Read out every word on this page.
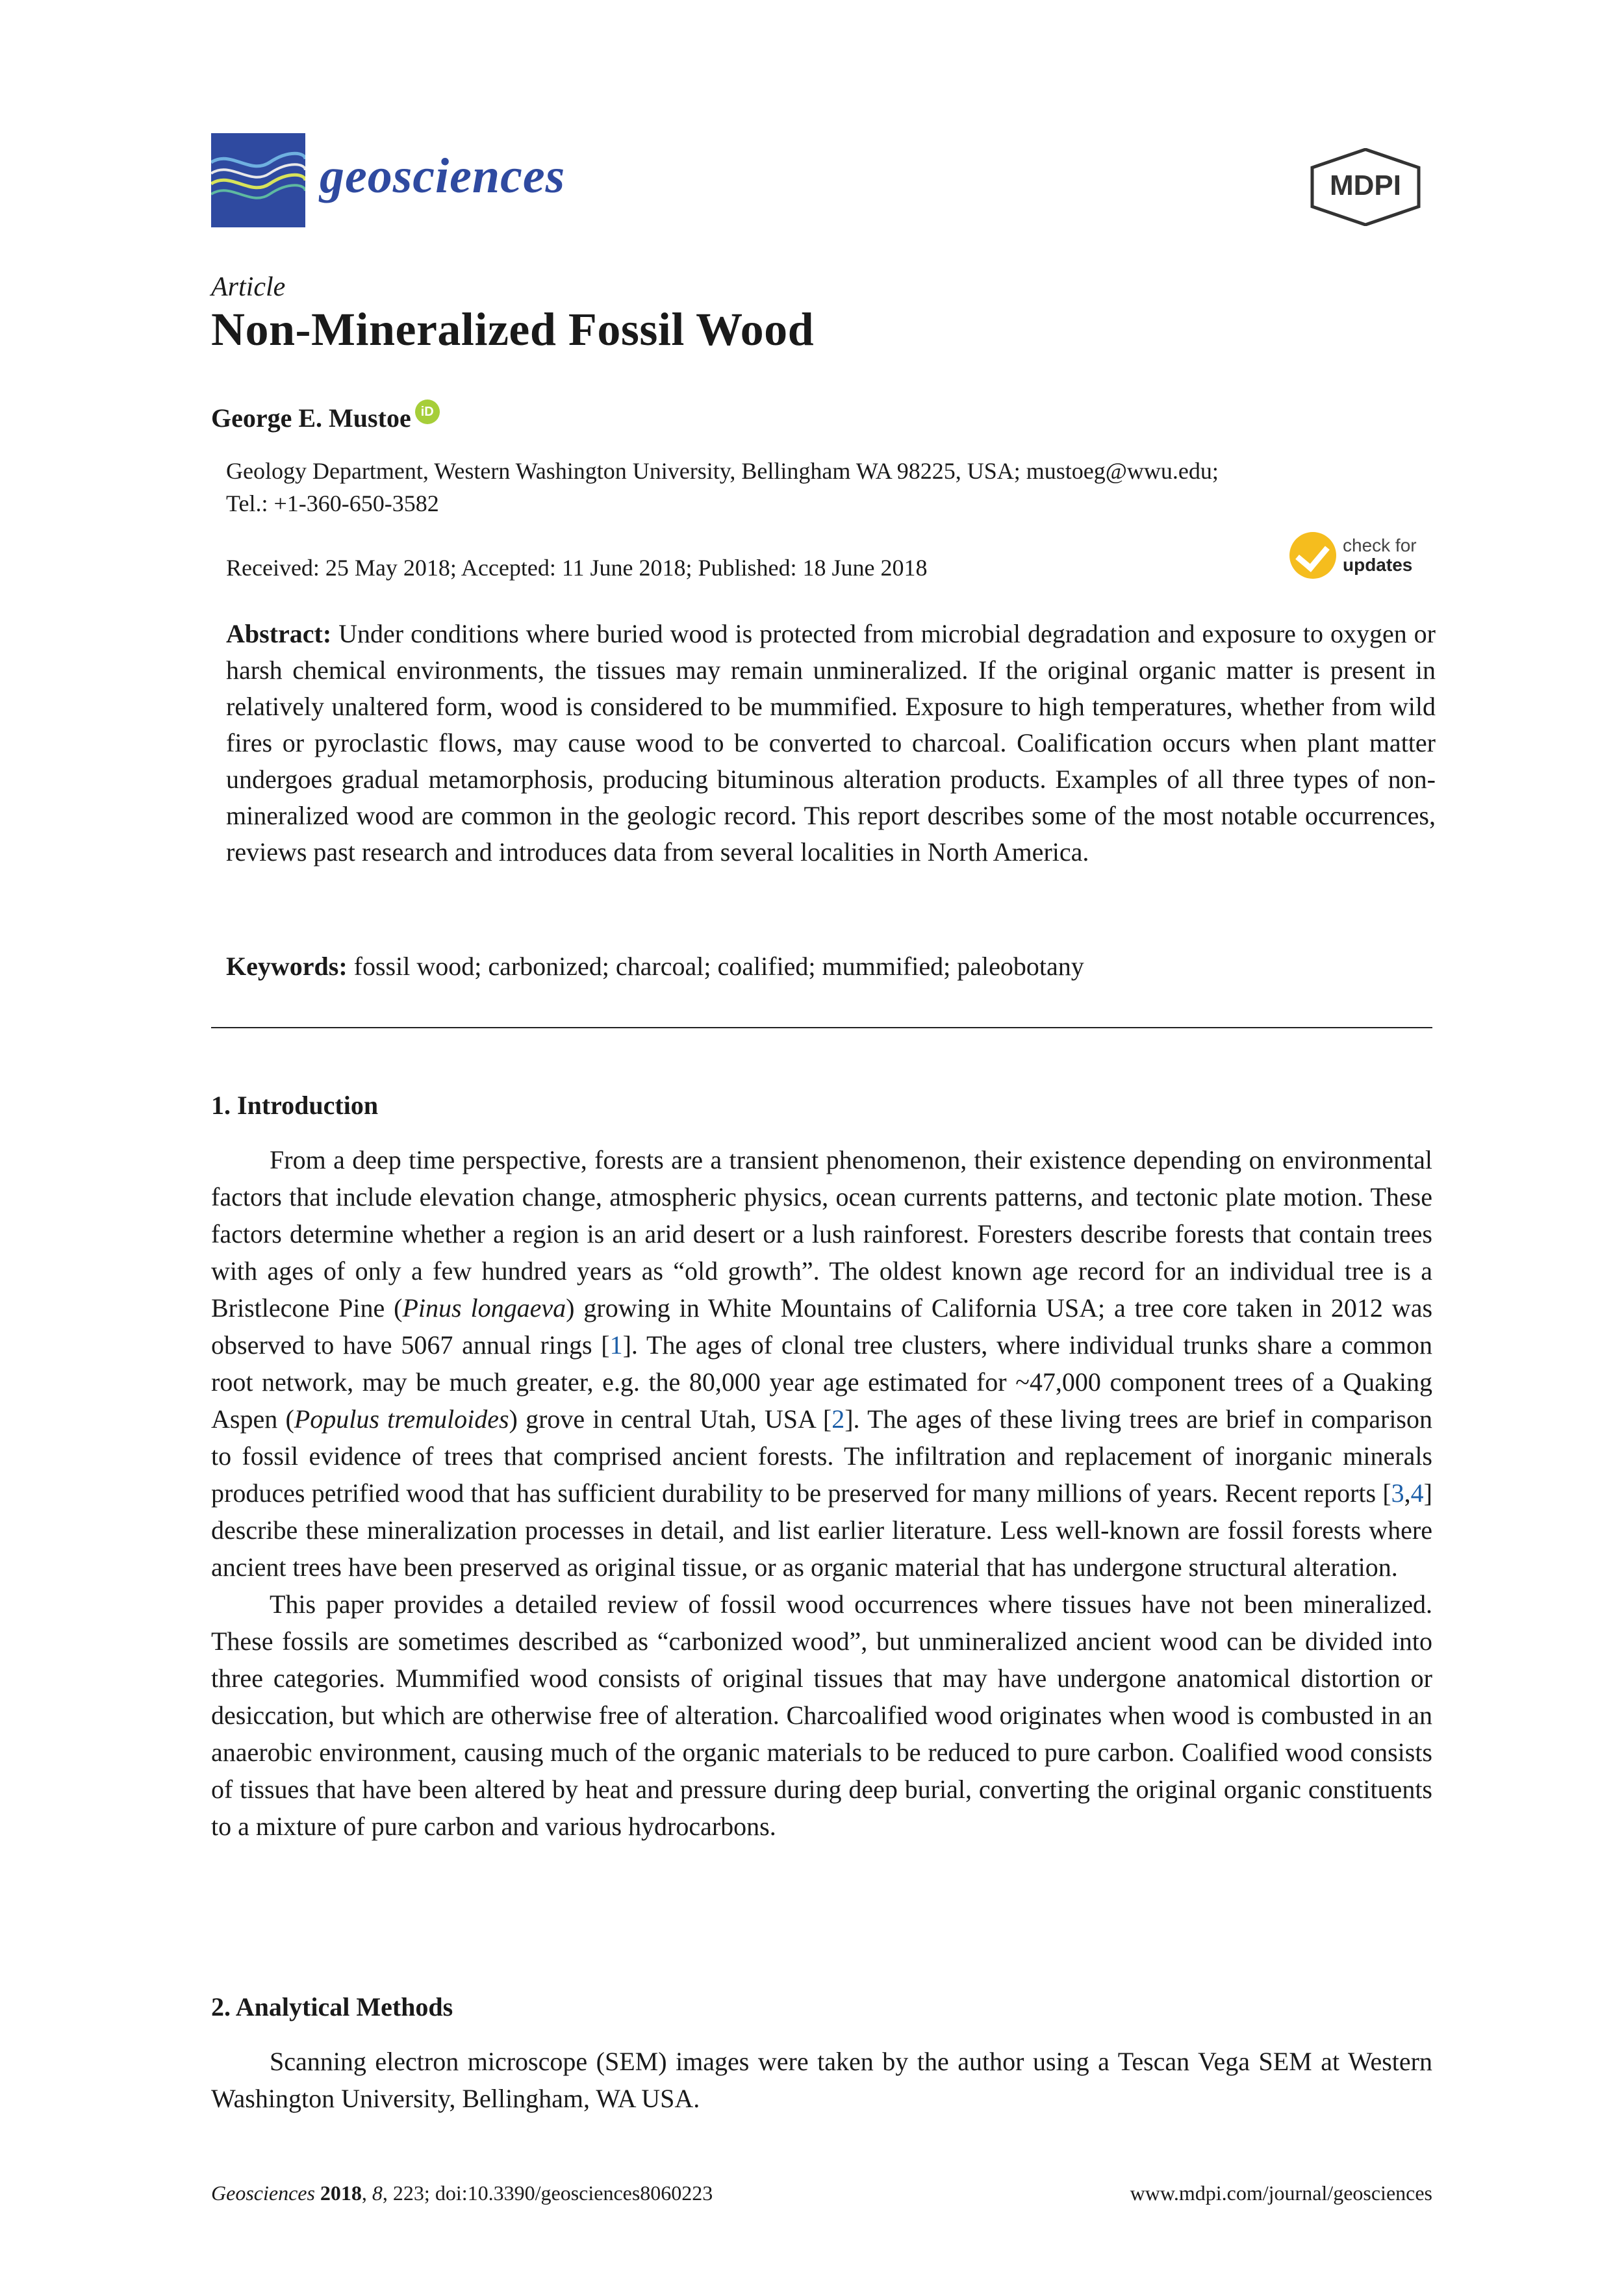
geosciences	MDPI
Article
Non-Mineralized Fossil Wood
George E. Mustoe iD
Geology Department, Western Washington University, Bellingham WA 98225, USA; mustoeg@wwu.edu;
Tel.: +1-360-650-3582
Received: 25 May 2018; Accepted: 11 June 2018; Published: 18 June 2018
check for
updates
Abstract: Under conditions where buried wood is protected from microbial degradation and exposure to oxygen or harsh chemical environments, the tissues may remain unmineralized. If the original organic matter is present in relatively unaltered form, wood is considered to be mummified. Exposure to high temperatures, whether from wild fires or pyroclastic flows, may cause wood to be converted to charcoal. Coalification occurs when plant matter undergoes gradual metamorphosis, producing bituminous alteration products. Examples of all three types of non-mineralized wood are common in the geologic record. This report describes some of the most notable occurrences, reviews past research and introduces data from several localities in North America.
Keywords: fossil wood; carbonized; charcoal; coalified; mummified; paleobotany
1. Introduction

From a deep time perspective, forests are a transient phenomenon, their existence depending on environmental factors that include elevation change, atmospheric physics, ocean currents patterns, and tectonic plate motion. These factors determine whether a region is an arid desert or a lush rainforest. Foresters describe forests that contain trees with ages of only a few hundred years as “old growth”. The oldest known age record for an individual tree is a Bristlecone Pine (Pinus longaeva) growing in White Mountains of California USA; a tree core taken in 2012 was observed to have 5067 annual rings [1]. The ages of clonal tree clusters, where individual trunks share a common root network, may be much greater, e.g. the 80,000 year age estimated for ~47,000 component trees of a Quaking Aspen (Populus tremuloides) grove in central Utah, USA [2]. The ages of these living trees are brief in comparison to fossil evidence of trees that comprised ancient forests. The infiltration and replacement of inorganic minerals produces petrified wood that has sufficient durability to be preserved for many millions of years. Recent reports [3,4] describe these mineralization processes in detail, and list earlier literature. Less well-known are fossil forests where ancient trees have been preserved as original tissue, or as organic material that has undergone structural alteration.

This paper provides a detailed review of fossil wood occurrences where tissues have not been mineralized. These fossils are sometimes described as “carbonized wood”, but unmineralized ancient wood can be divided into three categories. Mummified wood consists of original tissues that may have undergone anatomical distortion or desiccation, but which are otherwise free of alteration. Charcoalified wood originates when wood is combusted in an anaerobic environment, causing much of the organic materials to be reduced to pure carbon. Coalified wood consists of tissues that have been altered by heat and pressure during deep burial, converting the original organic constituents to a mixture of pure carbon and various hydrocarbons.

2. Analytical Methods

Scanning electron microscope (SEM) images were taken by the author using a Tescan Vega SEM at Western Washington University, Bellingham, WA USA.

Geosciences 2018, 8, 223; doi:10.3390/geosciences8060223	www.mdpi.com/journal/geosciences
